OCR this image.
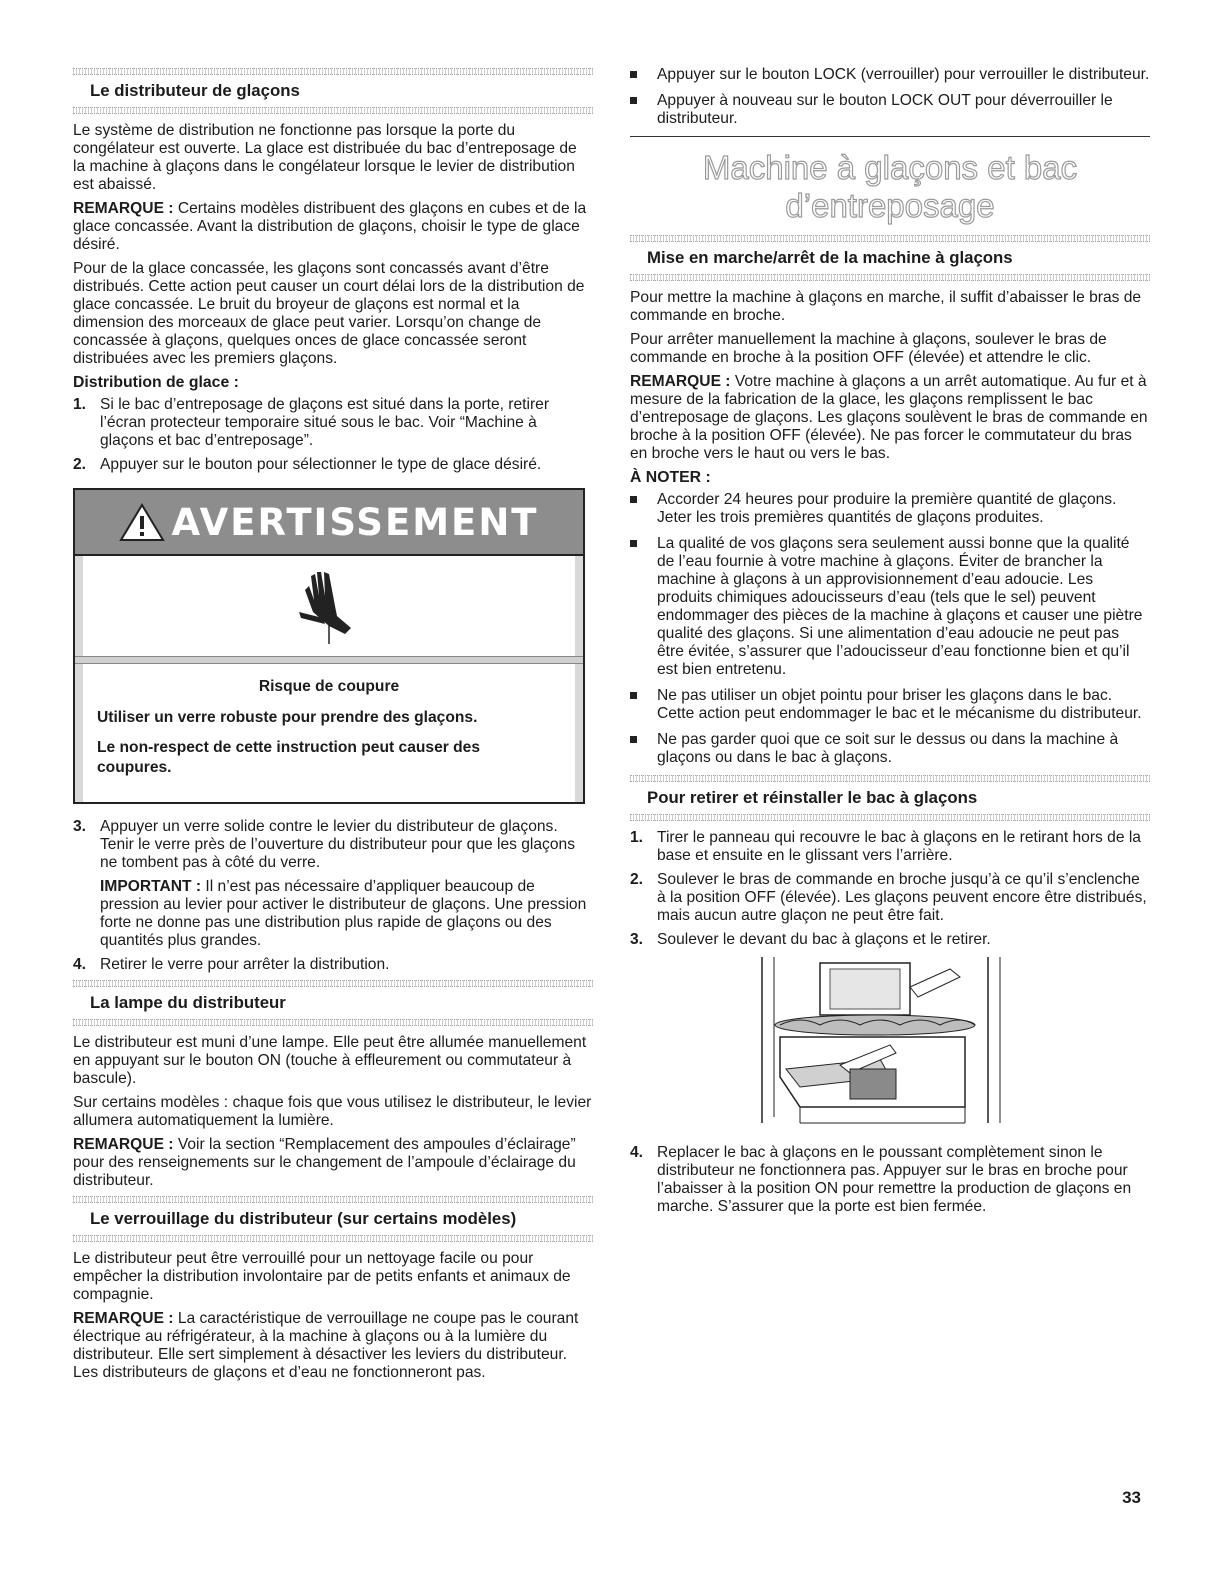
Le distributeur de glaçons

Le système de distribution ne fonctionne pas lorsque la porte du congélateur est ouverte. La glace est distribuée du bac d’entreposage de la machine à glaçons dans le congélateur lorsque le levier de distribution est abaissé.

REMARQUE : Certains modèles distribuent des glaçons en cubes et de la glace concassée. Avant la distribution de glaçons, choisir le type de glace désiré.

Pour de la glace concassée, les glaçons sont concassés avant d’être distribués. Cette action peut causer un court délai lors de la distribution de glace concassée. Le bruit du broyeur de glaçons est normal et la dimension des morceaux de glace peut varier. Lorsqu’on change de concassée à glaçons, quelques onces de glace concassée seront distribuées avec les premiers glaçons.

Distribution de glace :
1. Si le bac d’entreposage de glaçons est situé dans la porte, retirer l’écran protecteur temporaire situé sous le bac. Voir “Machine à glaçons et bac d’entreposage”.
2. Appuyer sur le bouton pour sélectionner le type de glace désiré.
AVERTISSEMENT
Risque de coupure
Utiliser un verre robuste pour prendre des glaçons.
Le non-respect de cette instruction peut causer des coupures.
3. Appuyer un verre solide contre le levier du distributeur de glaçons. Tenir le verre près de l’ouverture du distributeur pour que les glaçons ne tombent pas à côté du verre.

IMPORTANT : Il n’est pas nécessaire d’appliquer beaucoup de pression au levier pour activer le distributeur de glaçons. Une pression forte ne donne pas une distribution plus rapide de glaçons ou des quantités plus grandes.

4. Retirer le verre pour arrêter la distribution.
La lampe du distributeur

Le distributeur est muni d’une lampe. Elle peut être allumée manuellement en appuyant sur le bouton ON (touche à effleurement ou commutateur à bascule).

Sur certains modèles : chaque fois que vous utilisez le distributeur, le levier allumera automatiquement la lumière.

REMARQUE : Voir la section “Remplacement des ampoules d’éclairage” pour des renseignements sur le changement de l’ampoule d’éclairage du distributeur.

Le verrouillage du distributeur (sur certains modèles)

Le distributeur peut être verrouillé pour un nettoyage facile ou pour empêcher la distribution involontaire par de petits enfants et animaux de compagnie.

REMARQUE : La caractéristique de verrouillage ne coupe pas le courant électrique au réfrigérateur, à la machine à glaçons ou à la lumière du distributeur. Elle sert simplement à désactiver les leviers du distributeur. Les distributeurs de glaçons et d’eau ne fonctionneront pas.

Appuyer sur le bouton LOCK (verrouiller) pour verrouiller le distributeur.
Appuyer à nouveau sur le bouton LOCK OUT pour déverrouiller le distributeur.
Machine à glaçons et bac
d’entreposage
Mise en marche/arrêt de la machine à glaçons

Pour mettre la machine à glaçons en marche, il suffit d’abaisser le bras de commande en broche.

Pour arrêter manuellement la machine à glaçons, soulever le bras de commande en broche à la position OFF (élevée) et attendre le clic.

REMARQUE : Votre machine à glaçons a un arrêt automatique. Au fur et à mesure de la fabrication de la glace, les glaçons remplissent le bac d’entreposage de glaçons. Les glaçons soulèvent le bras de commande en broche à la position OFF (élevée). Ne pas forcer le commutateur du bras en broche vers le haut ou vers le bas.

À NOTER :
Accorder 24 heures pour produire la première quantité de glaçons. Jeter les trois premières quantités de glaçons produites.
La qualité de vos glaçons sera seulement aussi bonne que la qualité de l’eau fournie à votre machine à glaçons. Éviter de brancher la machine à glaçons à un approvisionnement d’eau adoucie. Les produits chimiques adoucisseurs d’eau (tels que le sel) peuvent endommager des pièces de la machine à glaçons et causer une piètre qualité des glaçons. Si une alimentation d’eau adoucie ne peut pas être évitée, s’assurer que l’adoucisseur d’eau fonctionne bien et qu’il est bien entretenu.
Ne pas utiliser un objet pointu pour briser les glaçons dans le bac. Cette action peut endommager le bac et le mécanisme du distributeur.
Ne pas garder quoi que ce soit sur le dessus ou dans la machine à glaçons ou dans le bac à glaçons.
Pour retirer et réinstaller le bac à glaçons
1. Tirer le panneau qui recouvre le bac à glaçons en le retirant hors de la base et ensuite en le glissant vers l’arrière.
2. Soulever le bras de commande en broche jusqu’à ce qu’il s’enclenche à la position OFF (élevée). Les glaçons peuvent encore être distribués, mais aucun autre glaçon ne peut être fait.
3. Soulever le devant du bac à glaçons et le retirer.
4. Replacer le bac à glaçons en le poussant complètement sinon le distributeur ne fonctionnera pas. Appuyer sur le bras en broche pour l’abaisser à la position ON pour remettre la production de glaçons en marche. S’assurer que la porte est bien fermée.
33
